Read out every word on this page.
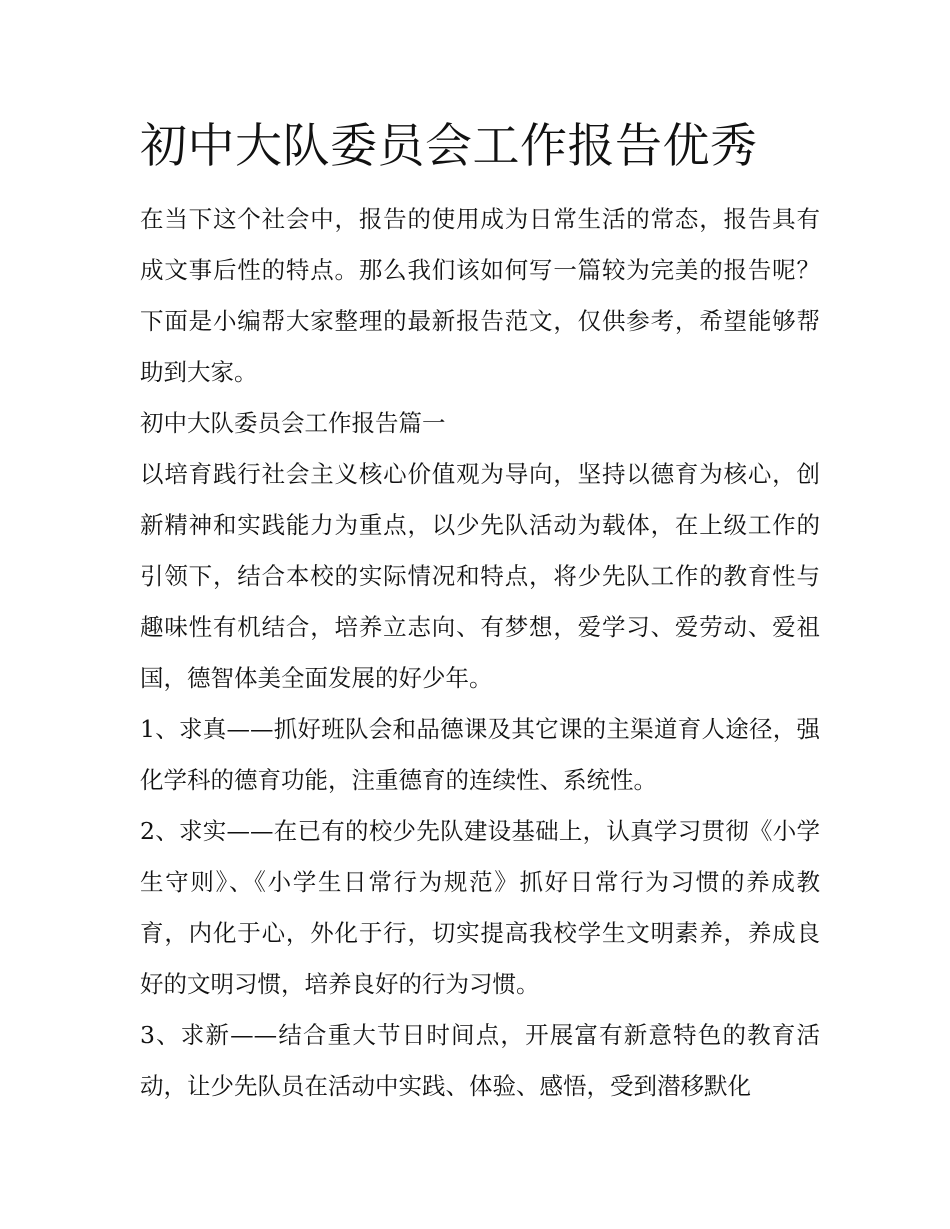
初中大队委员会工作报告优秀

在当下这个社会中，报告的使用成为日常生活的常态，报告具有成文事后性的特点。那么我们该如何写一篇较为完美的报告呢？下面是小编帮大家整理的最新报告范文，仅供参考，希望能够帮助到大家。

初中大队委员会工作报告篇一

以培育践行社会主义核心价值观为导向，坚持以德育为核心，创新精神和实践能力为重点，以少先队活动为载体，在上级工作的引领下，结合本校的实际情况和特点，将少先队工作的教育性与趣味性有机结合，培养立志向、有梦想，爱学习、爱劳动、爱祖国，德智体美全面发展的好少年。

1、求真——抓好班队会和品德课及其它课的主渠道育人途径，强化学科的德育功能，注重德育的连续性、系统性。

2、求实——在已有的校少先队建设基础上，认真学习贯彻《小学生守则》、《小学生日常行为规范》抓好日常行为习惯的养成教育，内化于心，外化于行，切实提高我校学生文明素养，养成良好的文明习惯，培养良好的行为习惯。

3、求新——结合重大节日时间点，开展富有新意特色的教育活动，让少先队员在活动中实践、体验、感悟，受到潜移默化
